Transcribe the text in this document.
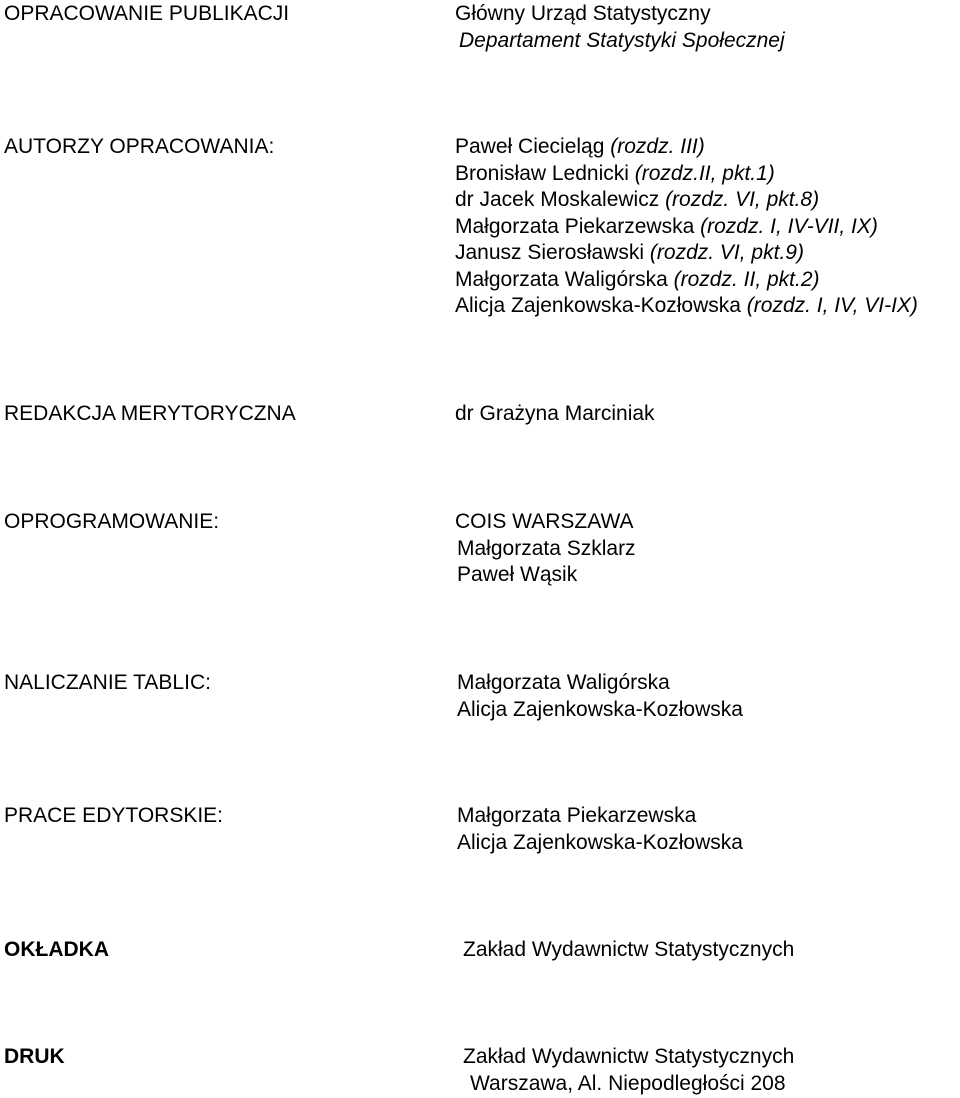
OPRACOWANIE PUBLIKACJI	Główny Urząd Statystyczny
Departament Statystyki Społecznej
AUTORZY OPRACOWANIA:	Paweł Ciecieląg (rozdz. III)
Bronisław Lednicki (rozdz.II, pkt.1)
dr Jacek Moskalewicz (rozdz. VI, pkt.8)
Małgorzata Piekarzewska (rozdz. I, IV-VII, IX)
Janusz Sierosławski (rozdz. VI, pkt.9)
Małgorzata Waligórska (rozdz. II, pkt.2)
Alicja Zajenkowska-Kozłowska (rozdz. I, IV, VI-IX)
REDAKCJA MERYTORYCZNA	dr Grażyna Marciniak
OPROGRAMOWANIE:	COIS WARSZAWA
Małgorzata Szklarz
Paweł Wąsik
NALICZANIE TABLIC:	Małgorzata Waligórska
Alicja Zajenkowska-Kozłowska
PRACE EDYTORSKIE:	Małgorzata Piekarzewska
Alicja Zajenkowska-Kozłowska
OKŁADKA	Zakład Wydawnictw Statystycznych
DRUK	Zakład Wydawnictw Statystycznych
Warszawa, Al. Niepodległości 208
